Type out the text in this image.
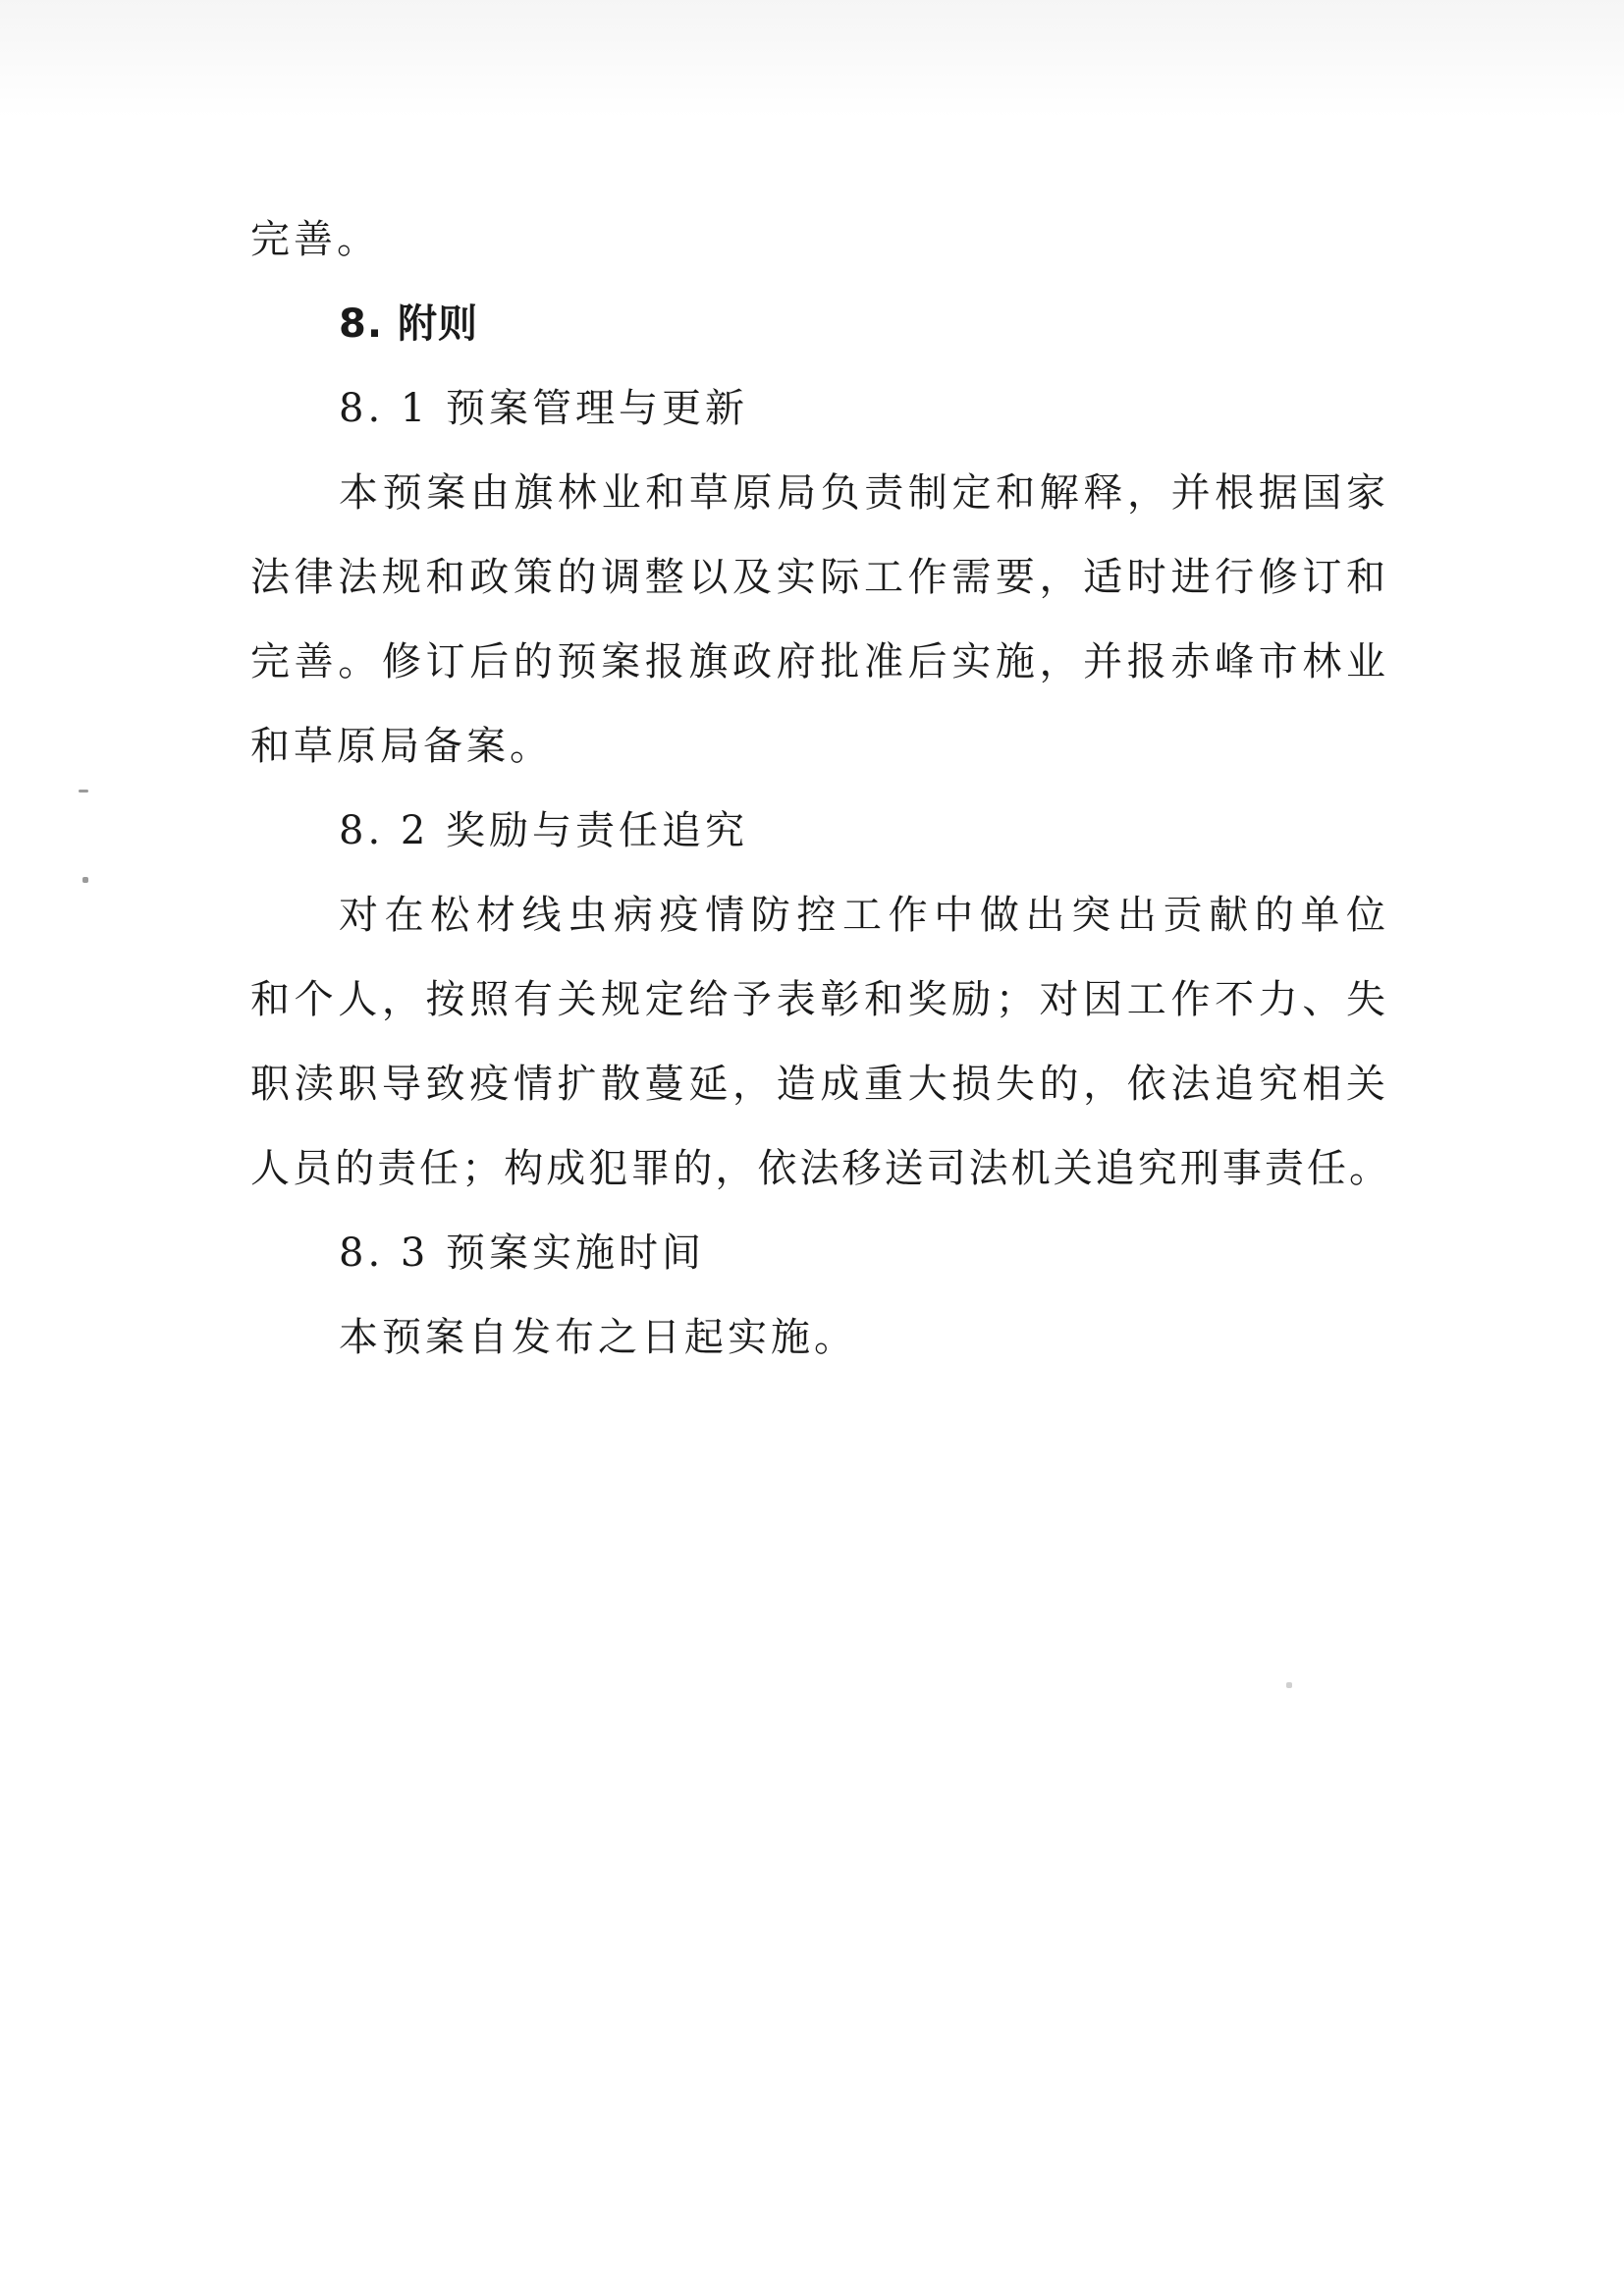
完善。
8. 附则
8. 1 预案管理与更新
本预案由旗林业和草原局负责制定和解释，并根据国家
法律法规和政策的调整以及实际工作需要，适时进行修订和
完善。修订后的预案报旗政府批准后实施，并报赤峰市林业
和草原局备案。
8. 2 奖励与责任追究
对在松材线虫病疫情防控工作中做出突出贡献的单位
和个人，按照有关规定给予表彰和奖励；对因工作不力、失
职渎职导致疫情扩散蔓延，造成重大损失的，依法追究相关
人员的责任；构成犯罪的，依法移送司法机关追究刑事责任。
8. 3 预案实施时间
本预案自发布之日起实施。
